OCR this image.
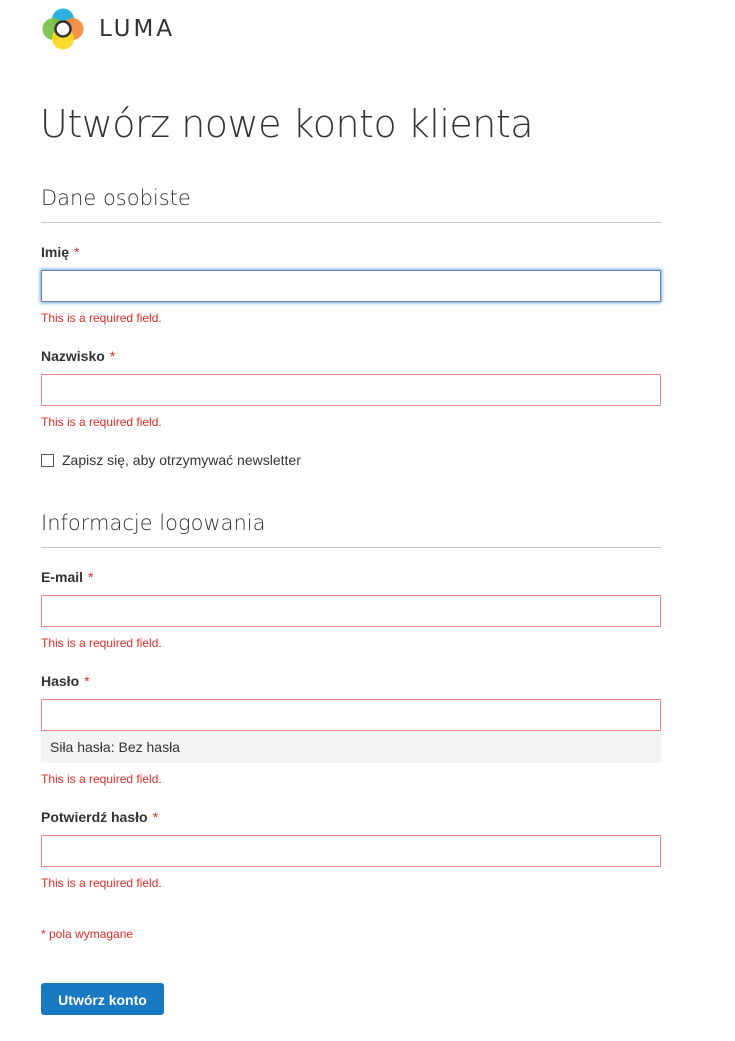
LUMA
Utwórz nowe konto klienta
Dane osobiste
Imię *
This is a required field.
Nazwisko *
This is a required field.
Zapisz się, aby otrzymywać newsletter
Informacje logowania
E-mail *
This is a required field.
Hasło *
Siła hasła: Bez hasła
This is a required field.
Potwierdź hasło *
This is a required field.
* pola wymagane
Utwórz konto
